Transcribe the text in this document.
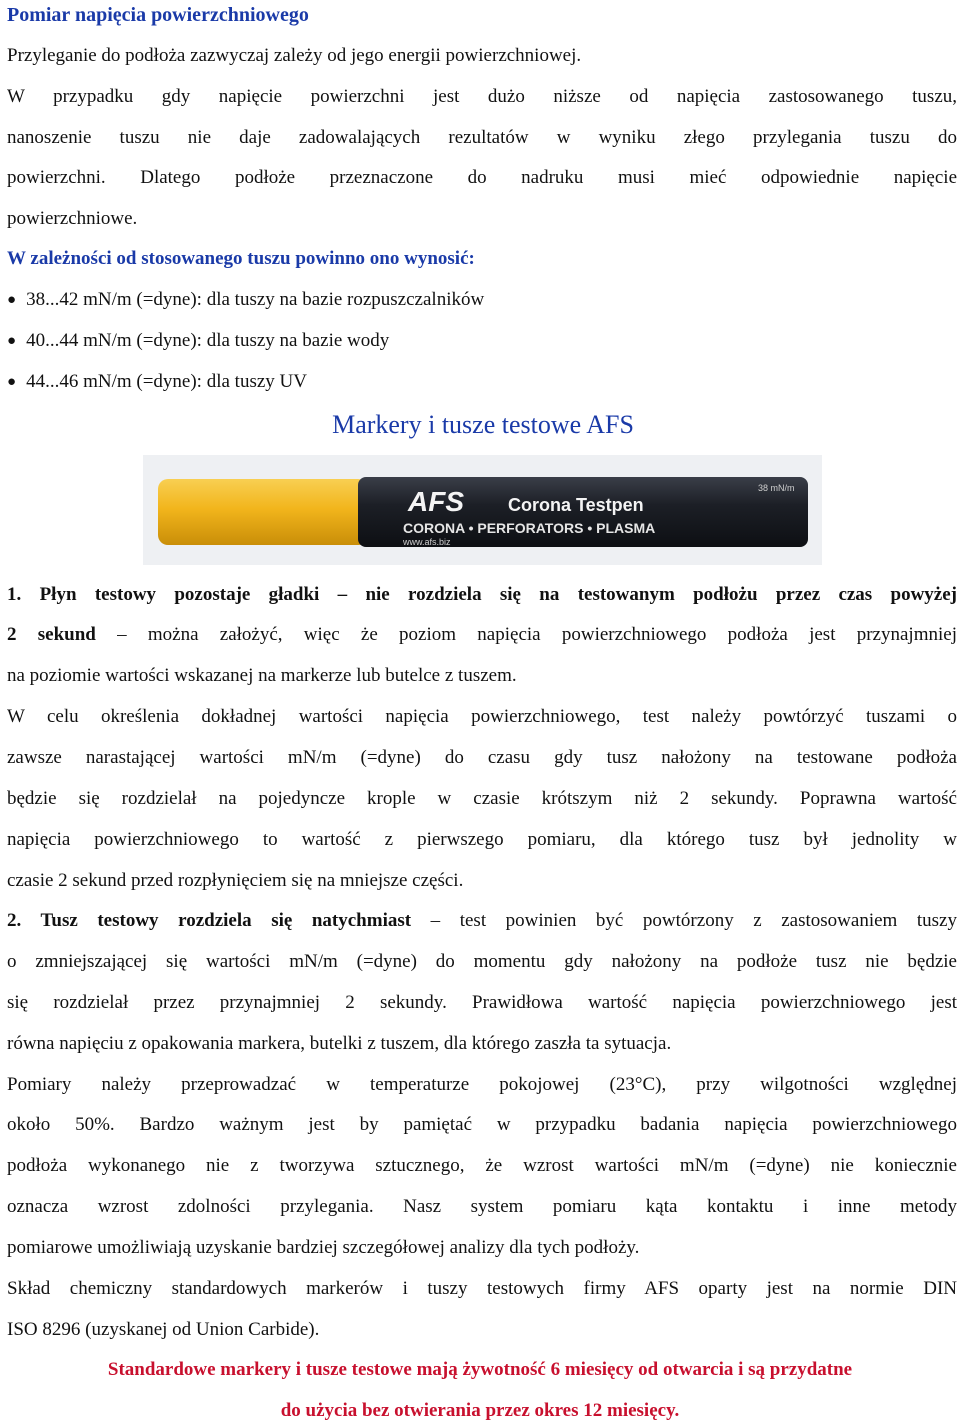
Pomiar napięcia powierzchniowego
Przyleganie do podłoża zazwyczaj zależy od jego energii powierzchniowej.
W przypadku gdy napięcie powierzchni jest dużo niższe od napięcia zastosowanego tuszu,
nanoszenie tuszu nie daje zadowalających rezultatów w wyniku złego przylegania tuszu do
powierzchni. Dlatego podłoże przeznaczone do nadruku musi mieć odpowiednie napięcie
powierzchniowe.
W zależności od stosowanego tuszu powinno ono wynosić:
● 38...42 mN/m (=dyne): dla tuszy na bazie rozpuszczalników
● 40...44 mN/m (=dyne): dla tuszy na bazie wody
● 44...46 mN/m (=dyne): dla tuszy UV
Markery i tusze testowe AFS
AFS Corona Testpen
CORONA • PERFORATORS • PLASMA
www.afs.biz
38 mN/m
1. Płyn testowy pozostaje gładki – nie rozdziela się na testowanym podłożu przez czas powyżej
2 sekund – można założyć, więc że poziom napięcia powierzchniowego podłoża jest przynajmniej
na poziomie wartości wskazanej na markerze lub butelce z tuszem.
W celu określenia dokładnej wartości napięcia powierzchniowego, test należy powtórzyć tuszami o
zawsze narastającej wartości mN/m (=dyne) do czasu gdy tusz nałożony na testowane podłoża
będzie się rozdzielał na pojedyncze krople w czasie krótszym niż 2 sekundy. Poprawna wartość
napięcia powierzchniowego to wartość z pierwszego pomiaru, dla którego tusz był jednolity w
czasie 2 sekund przed rozpłynięciem się na mniejsze części.
2. Tusz testowy rozdziela się natychmiast – test powinien być powtórzony z zastosowaniem tuszy
o zmniejszającej się wartości mN/m (=dyne) do momentu gdy nałożony na podłoże tusz nie będzie
się rozdzielał przez przynajmniej 2 sekundy. Prawidłowa wartość napięcia powierzchniowego jest
równa napięciu z opakowania markera, butelki z tuszem, dla którego zaszła ta sytuacja.
Pomiary należy przeprowadzać w temperaturze pokojowej (23°C), przy wilgotności względnej
około 50%. Bardzo ważnym jest by pamiętać w przypadku badania napięcia powierzchniowego
podłoża wykonanego nie z tworzywa sztucznego, że wzrost wartości mN/m (=dyne) nie koniecznie
oznacza wzrost zdolności przylegania. Nasz system pomiaru kąta kontaktu i inne metody
pomiarowe umożliwiają uzyskanie bardziej szczegółowej analizy dla tych podłoży.
Skład chemiczny standardowych markerów i tuszy testowych firmy AFS oparty jest na normie DIN
ISO 8296 (uzyskanej od Union Carbide).
Standardowe markery i tusze testowe mają żywotność 6 miesięcy od otwarcia i są przydatne
do użycia bez otwierania przez okres 12 miesięcy.
